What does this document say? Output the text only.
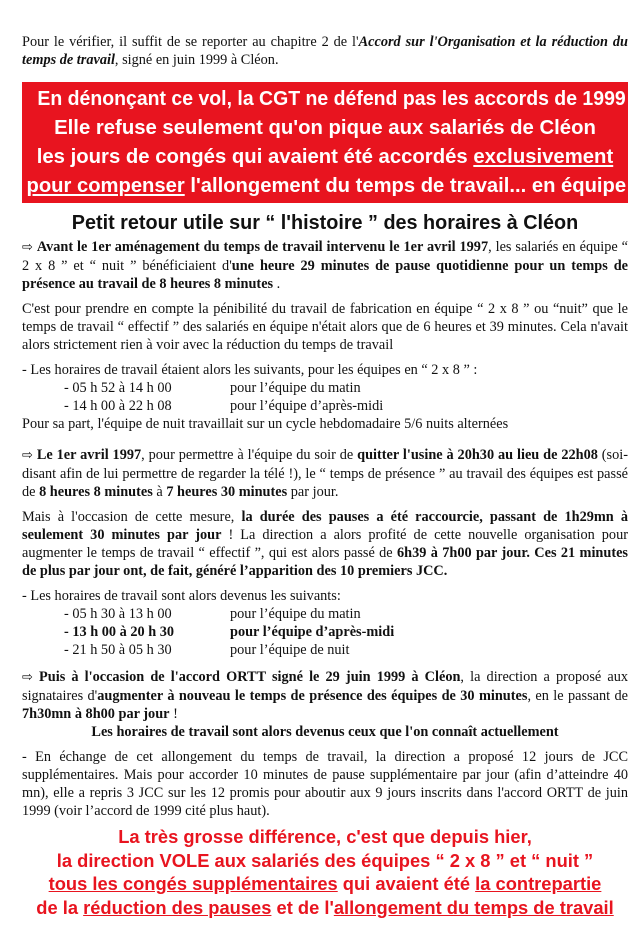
Pour le vérifier, il suffit de se reporter au chapitre 2 de l'Accord sur l'Organisation et la réduction du temps de travail, signé en juin 1999 à Cléon.

En dénonçant ce vol, la CGT ne défend pas les accords de 1999 !
Elle refuse seulement qu'on pique aux salariés de Cléon
les jours de congés qui avaient été accordés exclusivement
pour compenser l'allongement du temps de travail... en équipe
Petit retour utile sur “ l'histoire ” des horaires à Cléon

⇨ Avant le 1er aménagement du temps de travail intervenu le 1er avril 1997, les salariés en équipe “ 2 x 8 ” et “ nuit ” bénéficiaient d'une heure 29 minutes de pause quotidienne pour un temps de présence au travail de 8 heures 8 minutes .

C'est pour prendre en compte la pénibilité du travail de fabrication en équipe “ 2 x 8 ” ou “nuit” que le temps de travail “ effectif ” des salariés en équipe n'était alors que de 6 heures et 39 minutes. Cela n'avait alors strictement rien à voir avec la réduction du temps de travail

- Les horaires de travail étaient alors les suivants, pour les équipes en “ 2 x 8 ” :

- 05 h 52 à 14 h 00	pour l’équipe du matin
- 14 h 00 à 22 h 08	pour l’équipe d’après-midi

Pour sa part, l'équipe de nuit travaillait sur un cycle hebdomadaire 5/6 nuits alternées

⇨ Le 1er avril 1997, pour permettre à l'équipe du soir de quitter l'usine à 20h30 au lieu de 22h08 (soi-disant afin de lui permettre de regarder la télé !), le “ temps de présence ” au travail des équipes est passé de 8 heures 8 minutes à 7 heures 30 minutes par jour.

Mais à l'occasion de cette mesure, la durée des pauses a été raccourcie, passant de 1h29mn à seulement 30 minutes par jour ! La direction a alors profité de cette nouvelle organisation pour augmenter le temps de travail “ effectif ”, qui est alors passé de 6h39 à 7h00 par jour. Ces 21 minutes de plus par jour ont, de fait, généré l’apparition des 10 premiers JCC.

- Les horaires de travail sont alors devenus les suivants:

- 05 h 30 à 13 h 00	pour l’équipe du matin
- 13 h 00 à 20 h 30	pour l’équipe d’après-midi
- 21 h 50 à 05 h 30	pour l’équipe de nuit

⇨ Puis à l'occasion de l'accord ORTT signé le 29 juin 1999 à Cléon, la direction a proposé aux signataires d'augmenter à nouveau le temps de présence des équipes de 30 minutes, en le passant de 7h30mn à 8h00 par jour !

Les horaires de travail sont alors devenus ceux que l'on connaît actuellement

- En échange de cet allongement du temps de travail, la direction a proposé 12 jours de JCC supplémentaires. Mais pour accorder 10 minutes de pause supplémentaire par jour (afin d’atteindre 40 mn), elle a repris 3 JCC sur les 12 promis pour aboutir aux 9 jours inscrits dans l'accord ORTT de juin 1999 (voir l’accord de 1999 cité plus haut).

La très grosse différence, c'est que depuis hier,
la direction VOLE aux salariés des équipes “ 2 x 8 ” et “ nuit ”
tous les congés supplémentaires qui avaient été la contrepartie
de la réduction des pauses et de l'allongement du temps de travail
